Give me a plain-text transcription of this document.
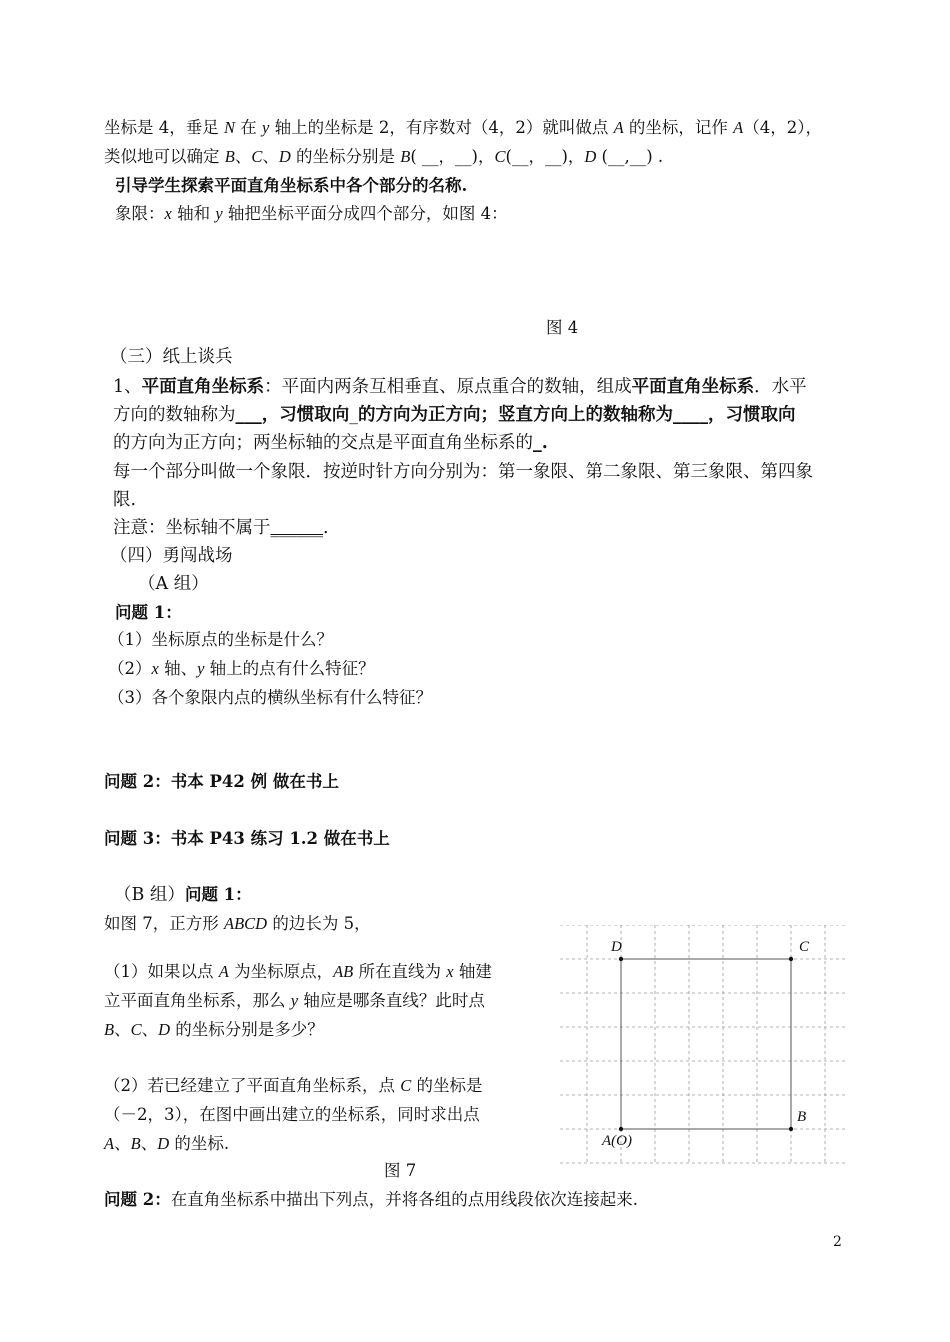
坐标是 4，垂足 N 在 y 轴上的坐标是 2，有序数对（4，2）就叫做点 A 的坐标，记作 A（4，2），
类似地可以确定 B、C、D 的坐标分别是 B( __，__)，C(__，__)，D (__,__) .
引导学生探索平面直角坐标系中各个部分的名称.
象限：x 轴和 y 轴把坐标平面分成四个部分，如图 4：
图 4
（三）纸上谈兵
1、平面直角坐标系：平面内两条互相垂直、原点重合的数轴，组成平面直角坐标系．水平
方向的数轴称为___，习惯取向_的方向为正方向；竖直方向上的数轴称为____，习惯取向
的方向为正方向；两坐标轴的交点是平面直角坐标系的_.
每一个部分叫做一个象限．按逆时针方向分别为：第一象限、第二象限、第三象限、第四象
限.
注意：坐标轴不属于______.
（四）勇闯战场
（A 组）
问题 1：
（1）坐标原点的坐标是什么？
（2）x 轴、y 轴上的点有什么特征？
（3）各个象限内点的横纵坐标有什么特征？
问题 2：书本 P42 例 做在书上
问题 3：书本 P43 练习 1.2 做在书上
（B 组）问题 1：
如图 7，正方形 ABCD 的边长为 5，
（1）如果以点 A 为坐标原点，AB 所在直线为 x 轴建
立平面直角坐标系，那么 y 轴应是哪条直线？此时点
B、C、D 的坐标分别是多少？
（2）若已经建立了平面直角坐标系，点 C 的坐标是
（－2，3），在图中画出建立的坐标系，同时求出点
A、B、D 的坐标.
D	C
B
A(O)
图 7
问题 2：在直角坐标系中描出下列点，并将各组的点用线段依次连接起来.
2
